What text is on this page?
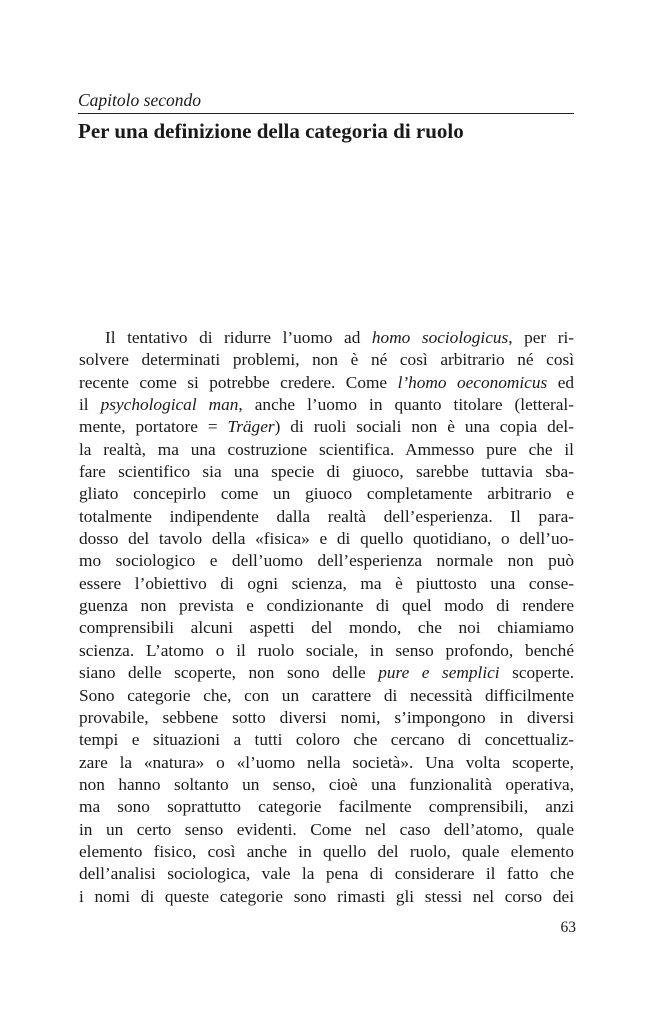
Capitolo secondo
Per una definizione della categoria di ruolo
Il tentativo di ridurre l’uomo ad homo sociologicus, per ri-
solvere determinati problemi, non è né così arbitrario né così
recente come si potrebbe credere. Come l’homo oeconomicus ed
il psychological man, anche l’uomo in quanto titolare (letteral-
mente, portatore = Träger) di ruoli sociali non è una copia del-
la realtà, ma una costruzione scientifica. Ammesso pure che il
fare scientifico sia una specie di giuoco, sarebbe tuttavia sba-
gliato concepirlo come un giuoco completamente arbitrario e
totalmente indipendente dalla realtà dell’esperienza. Il para-
dosso del tavolo della «fisica» e di quello quotidiano, o dell’uo-
mo sociologico e dell’uomo dell’esperienza normale non può
essere l’obiettivo di ogni scienza, ma è piuttosto una conse-
guenza non prevista e condizionante di quel modo di rendere
comprensibili alcuni aspetti del mondo, che noi chiamiamo
scienza. L’atomo o il ruolo sociale, in senso profondo, benché
siano delle scoperte, non sono delle pure e semplici scoperte.
Sono categorie che, con un carattere di necessità difficilmente
provabile, sebbene sotto diversi nomi, s’impongono in diversi
tempi e situazioni a tutti coloro che cercano di concettualiz-
zare la «natura» o «l’uomo nella società». Una volta scoperte,
non hanno soltanto un senso, cioè una funzionalità operativa,
ma sono soprattutto categorie facilmente comprensibili, anzi
in un certo senso evidenti. Come nel caso dell’atomo, quale
elemento fisico, così anche in quello del ruolo, quale elemento
dell’analisi sociologica, vale la pena di considerare il fatto che
i nomi di queste categorie sono rimasti gli stessi nel corso dei
63
